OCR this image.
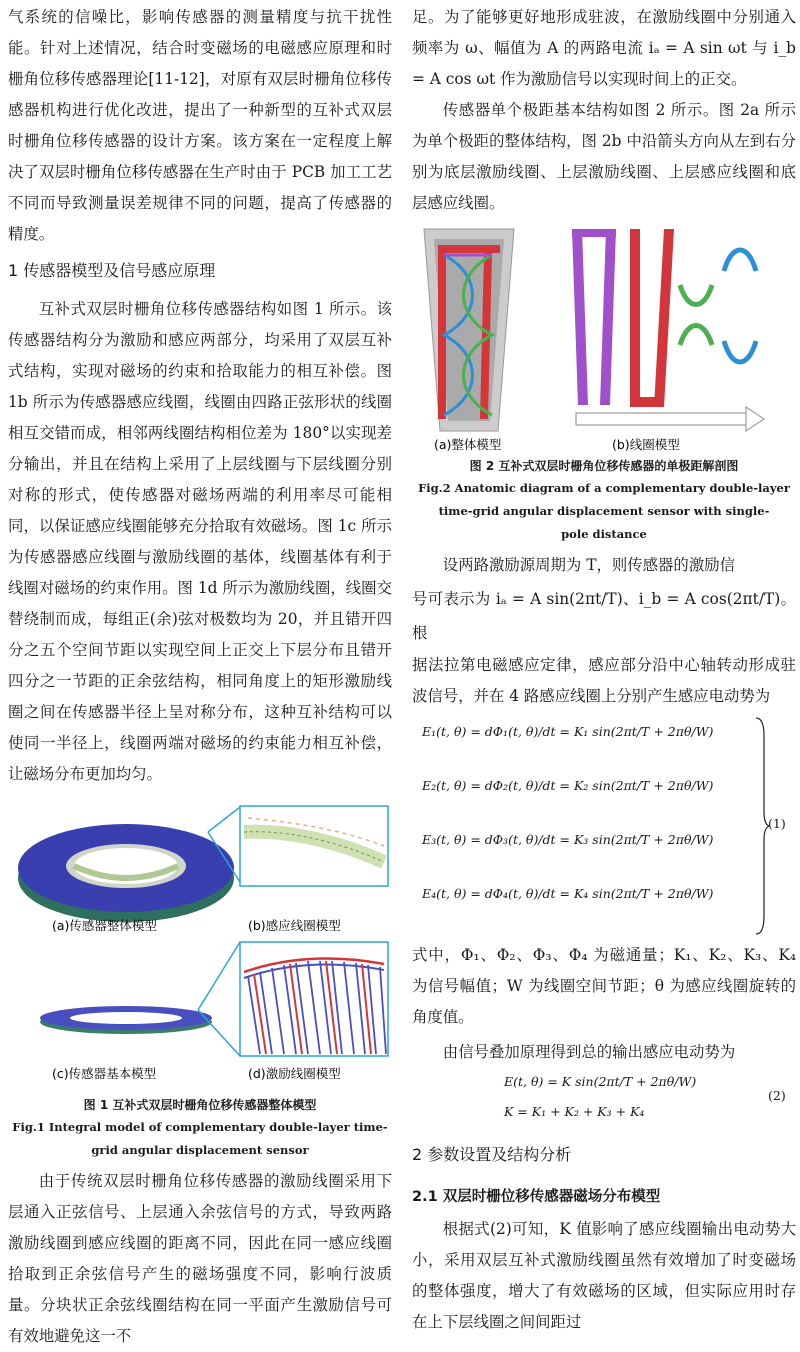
气系统的信噪比，影响传感器的测量精度与抗干扰性能。针对上述情况，结合时变磁场的电磁感应原理和时栅角位移传感器理论[11-12]，对原有双层时栅角位移传感器机构进行优化改进，提出了一种新型的互补式双层时栅角位移传感器的设计方案。该方案在一定程度上解决了双层时栅角位移传感器在生产时由于 PCB 加工工艺不同而导致测量误差规律不同的问题，提高了传感器的精度。

1 传感器模型及信号感应原理

互补式双层时栅角位移传感器结构如图 1 所示。该传感器结构分为激励和感应两部分，均采用了双层互补式结构，实现对磁场的约束和拾取能力的相互补偿。图 1b 所示为传感器感应线圈，线圈由四路正弦形状的线圈相互交错而成，相邻两线圈结构相位差为 180°以实现差分输出，并且在结构上采用了上层线圈与下层线圈分别对称的形式，使传感器对磁场两端的利用率尽可能相同，以保证感应线圈能够充分拾取有效磁场。图 1c 所示为传感器感应线圈与激励线圈的基体，线圈基体有利于线圈对磁场的约束作用。图 1d 所示为激励线圈，线圈交替绕制而成，每组正(余)弦对极数均为 20，并且错开四分之五个空间节距以实现空间上正交上下层分布且错开四分之一节距的正余弦结构，相同角度上的矩形激励线圈之间在传感器半径上呈对称分布，这种互补结构可以使同一半径上，线圈两端对磁场的约束能力相互补偿，让磁场分布更加均匀。

(a)传感器整体模型	(b)感应线圈模型
(c)传感器基本模型	(d)激励线圈模型

图 1 互补式双层时栅角位移传感器整体模型

Fig.1 Integral model of complementary double-layer time-

grid angular displacement sensor

由于传统双层时栅角位移传感器的激励线圈采用下层通入正弦信号、上层通入余弦信号的方式，导致两路激励线圈到感应线圈的距离不同，因此在同一感应线圈拾取到正余弦信号产生的磁场强度不同，影响行波质量。分块状正余弦线圈结构在同一平面产生激励信号可有效地避免这一不

足。为了能够更好地形成驻波，在激励线圈中分别通入频率为 ω、幅值为 A 的两路电流 iₐ = A sin ωt 与 i_b = A cos ωt 作为激励信号以实现时间上的正交。

传感器单个极距基本结构如图 2 所示。图 2a 所示为单个极距的整体结构，图 2b 中沿箭头方向从左到右分别为底层激励线圈、上层激励线圈、上层感应线圈和底层感应线圈。

(a)整体模型	(b)线圈模型

图 2 互补式双层时栅角位移传感器的单极距解剖图

Fig.2 Anatomic diagram of a complementary double-layer

time-grid angular displacement sensor with single-

pole distance

设两路激励源周期为 T，则传感器的激励信

号可表示为 iₐ = A sin(2πt/T)、i_b = A cos(2πt/T)。根

据法拉第电磁感应定律，感应部分沿中心轴转动形成驻波信号，并在 4 路感应线圈上分别产生感应电动势为

E₁(t, θ) = dΦ₁(t, θ)/dt = K₁ sin(2πt/T + 2πθ/W)
E₂(t, θ) = dΦ₂(t, θ)/dt = K₂ sin(2πt/T + 2πθ/W)
E₃(t, θ) = dΦ₃(t, θ)/dt = K₃ sin(2πt/T + 2πθ/W)
E₄(t, θ) = dΦ₄(t, θ)/dt = K₄ sin(2πt/T + 2πθ/W)
(1)

式中，Φ₁、Φ₂、Φ₃、Φ₄ 为磁通量；K₁、K₂、K₃、K₄ 为信号幅值；W 为线圈空间节距；θ 为感应线圈旋转的角度值。

由信号叠加原理得到总的输出感应电动势为

E(t, θ) = K sin(2πt/T + 2πθ/W)
K = K₁ + K₂ + K₃ + K₄
(2)
2 参数设置及结构分析
2.1 双层时栅位移传感器磁场分布模型

根据式(2)可知，K 值影响了感应线圈输出电动势大小，采用双层互补式激励线圈虽然有效增加了时变磁场的整体强度，增大了有效磁场的区域，但实际应用时存在上下层线圈之间间距过
